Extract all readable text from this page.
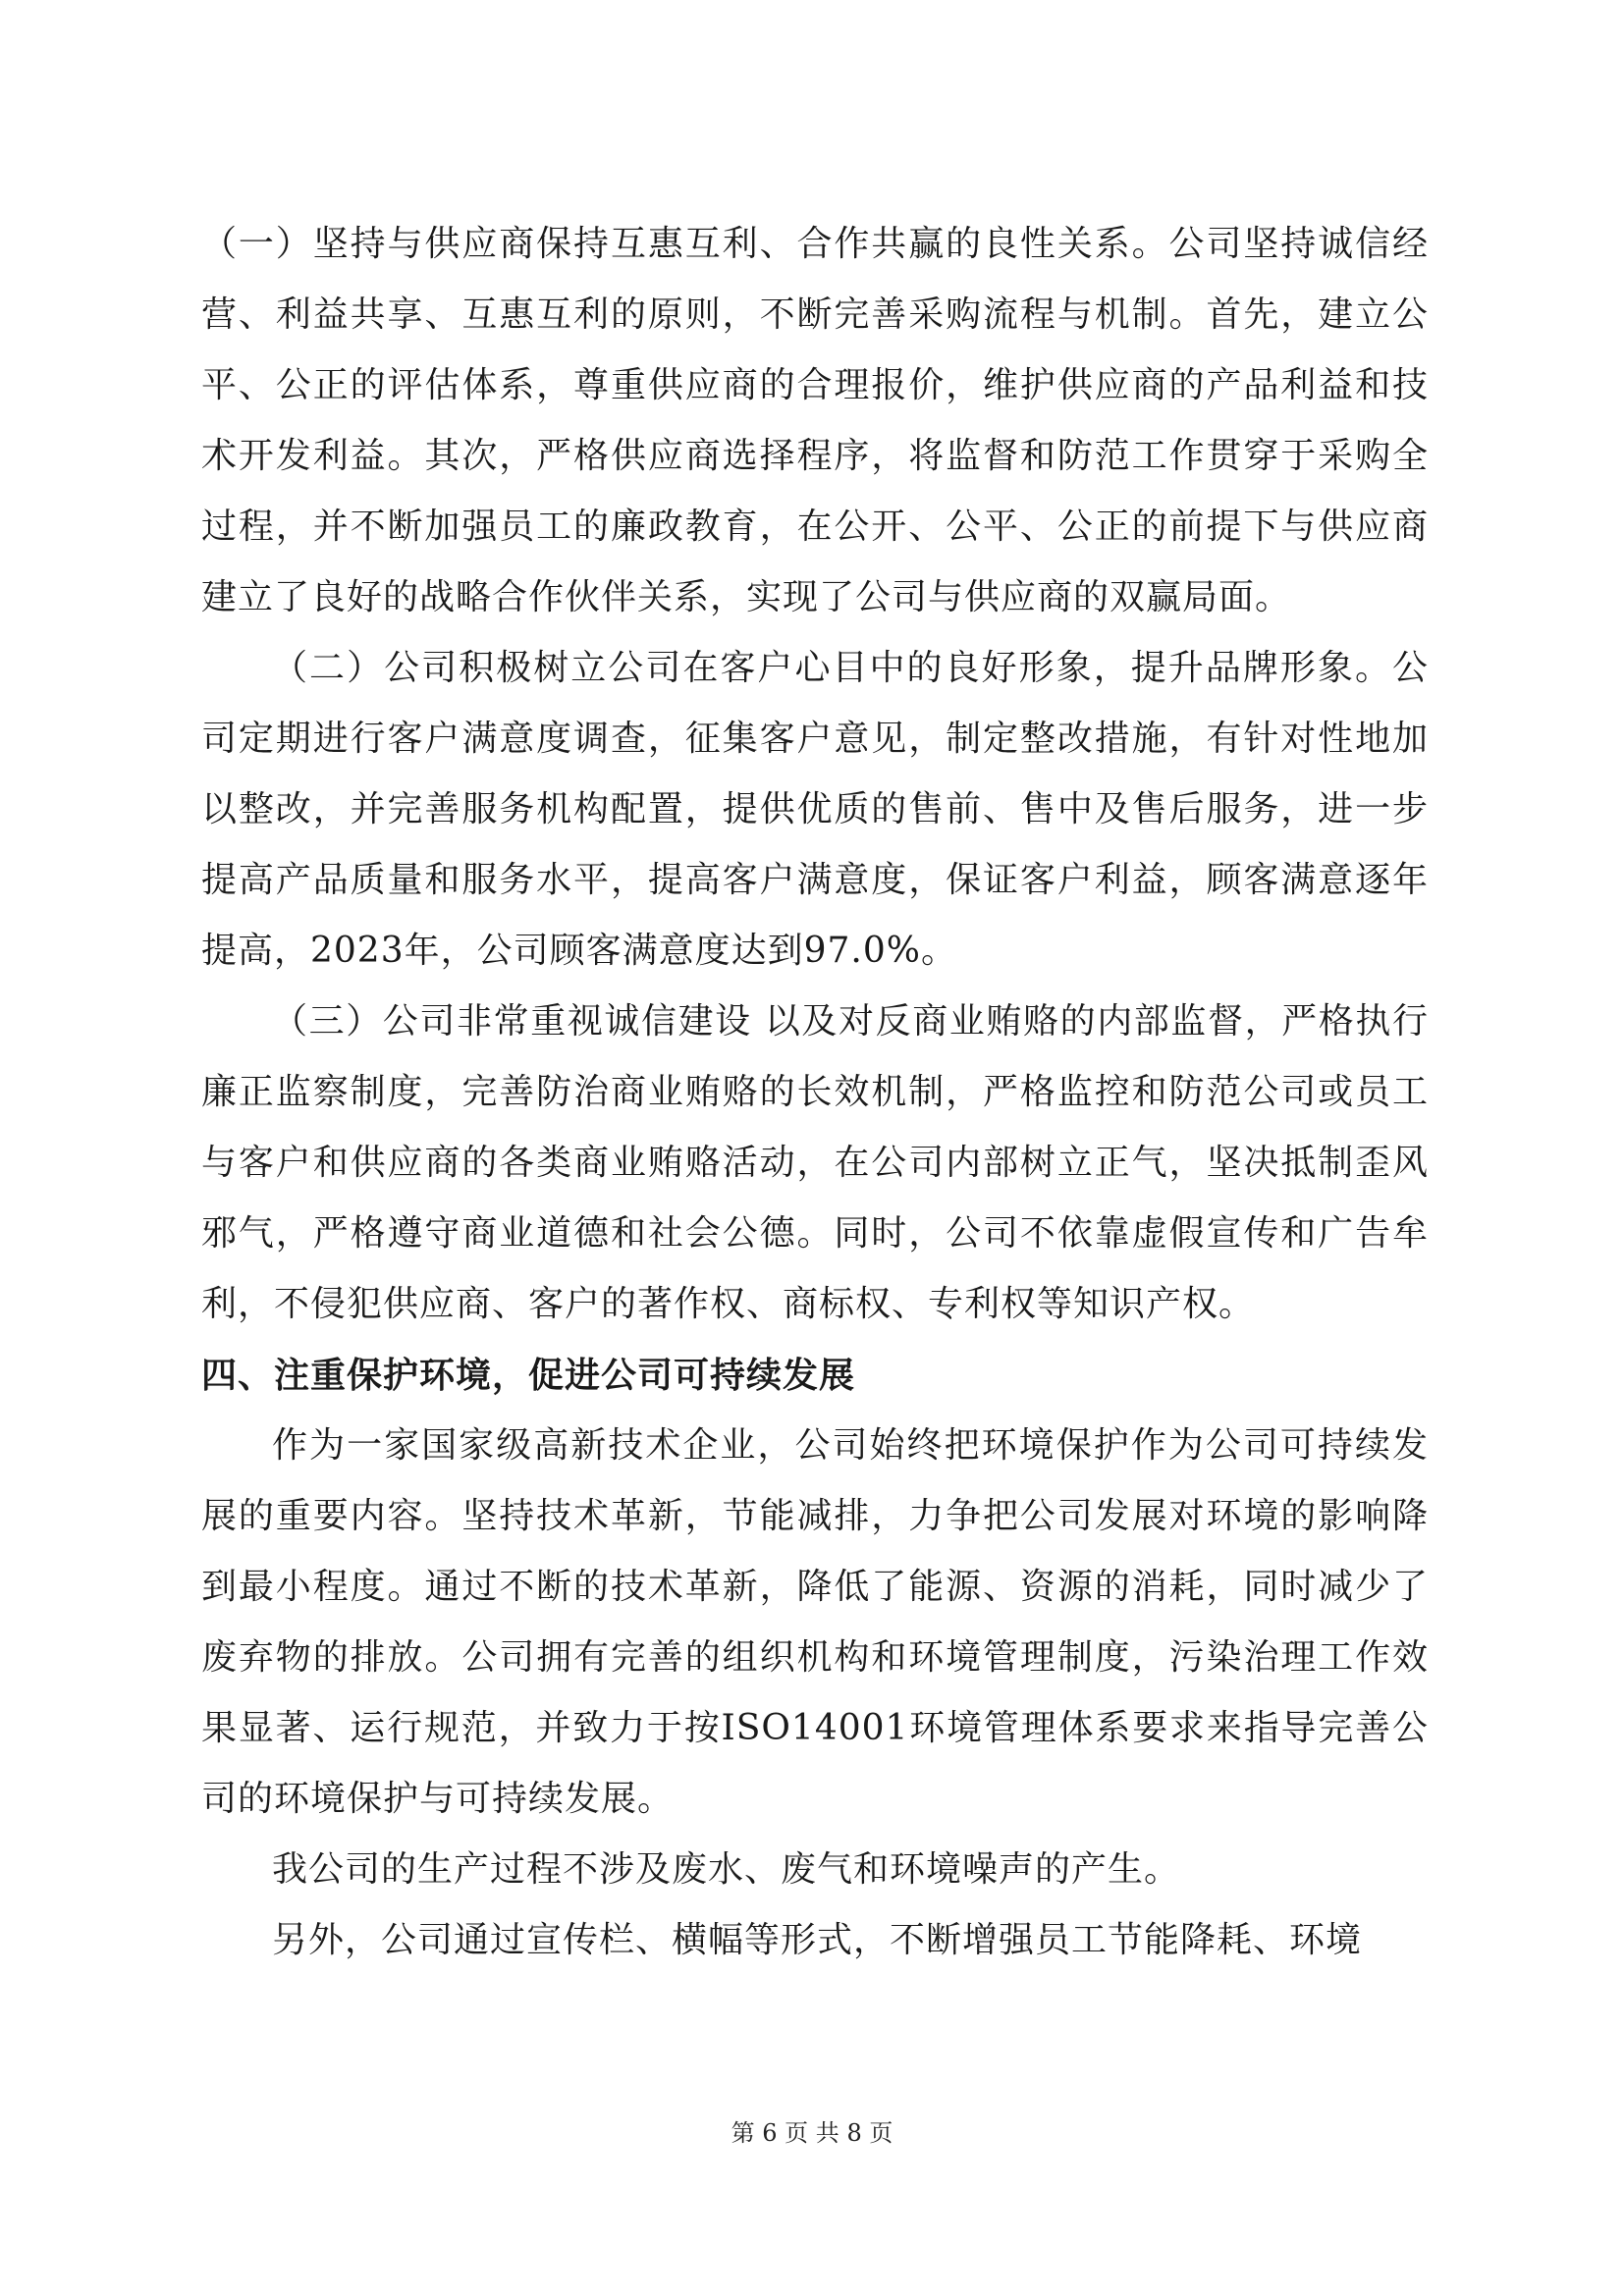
（一）坚持与供应商保持互惠互利、合作共赢的良性关系。公司坚持诚信经营、利益共享、互惠互利的原则，不断完善采购流程与机制。首先，建立公平、公正的评估体系，尊重供应商的合理报价，维护供应商的产品利益和技术开发利益。其次，严格供应商选择程序，将监督和防范工作贯穿于采购全过程，并不断加强员工的廉政教育，在公开、公平、公正的前提下与供应商建立了良好的战略合作伙伴关系，实现了公司与供应商的双赢局面。

（二）公司积极树立公司在客户心目中的良好形象，提升品牌形象。公司定期进行客户满意度调查，征集客户意见，制定整改措施，有针对性地加以整改，并完善服务机构配置，提供优质的售前、售中及售后服务，进一步提高产品质量和服务水平，提高客户满意度，保证客户利益，顾客满意逐年提高，2023年，公司顾客满意度达到97.0%。

（三）公司非常重视诚信建设 以及对反商业贿赂的内部监督，严格执行廉正监察制度，完善防治商业贿赂的长效机制，严格监控和防范公司或员工与客户和供应商的各类商业贿赂活动，在公司内部树立正气，坚决抵制歪风邪气，严格遵守商业道德和社会公德。同时，公司不依靠虚假宣传和广告牟利，不侵犯供应商、客户的著作权、商标权、专利权等知识产权。

四、注重保护环境，促进公司可持续发展

作为一家国家级高新技术企业，公司始终把环境保护作为公司可持续发展的重要内容。坚持技术革新，节能减排，力争把公司发展对环境的影响降到最小程度。通过不断的技术革新，降低了能源、资源的消耗，同时减少了废弃物的排放。公司拥有完善的组织机构和环境管理制度，污染治理工作效果显著、运行规范，并致力于按ISO14001环境管理体系要求来指导完善公司的环境保护与可持续发展。

我公司的生产过程不涉及废水、废气和环境噪声的产生。

另外，公司通过宣传栏、横幅等形式，不断增强员工节能降耗、环境

第 6 页 共 8 页
